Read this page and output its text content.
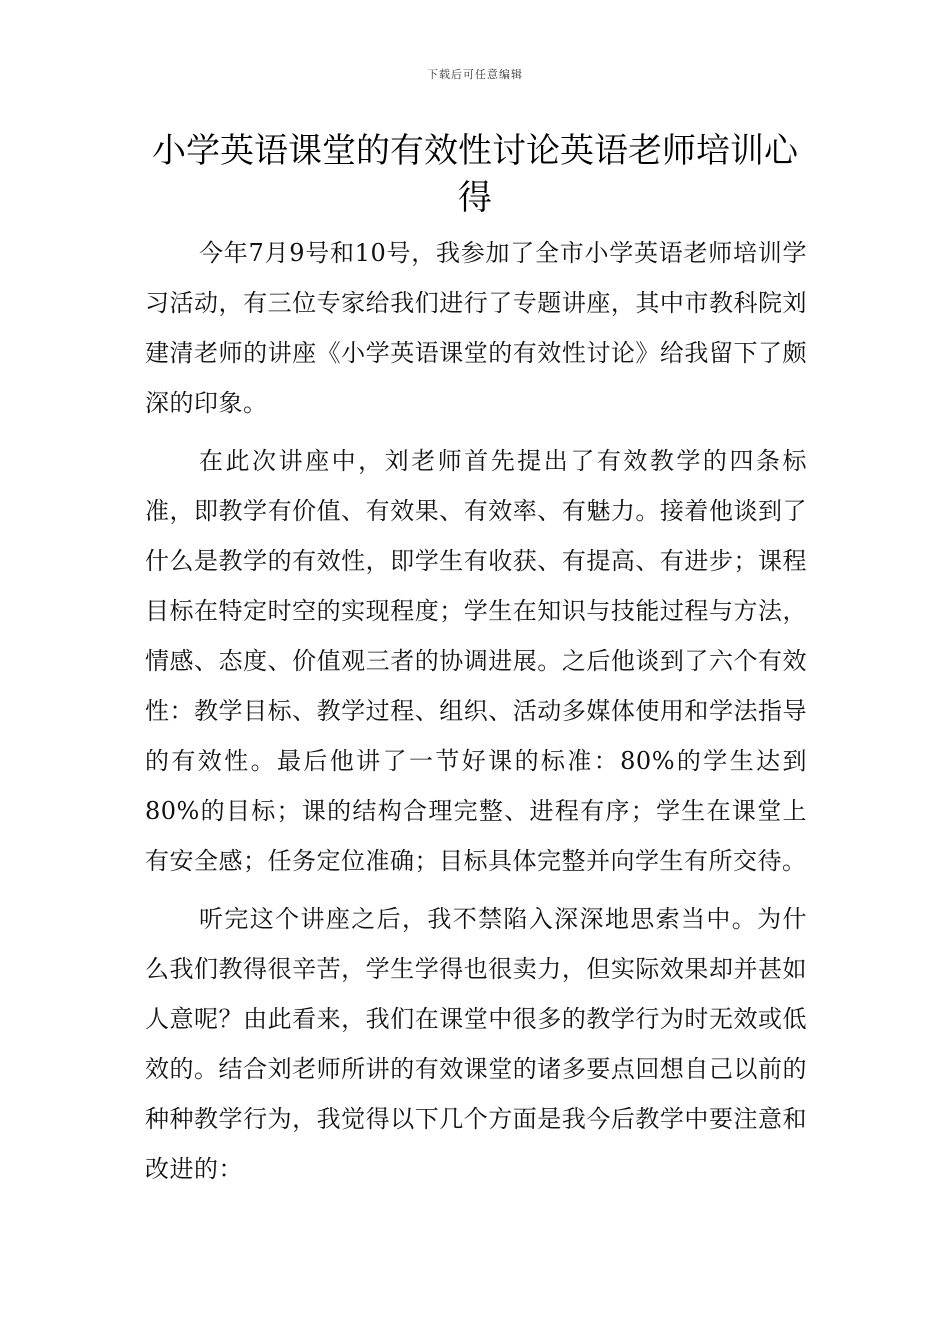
下载后可任意编辑
小学英语课堂的有效性讨论英语老师培训心得

今年7月9号和10号，我参加了全市小学英语老师培训学习活动，有三位专家给我们进行了专题讲座，其中市教科院刘建清老师的讲座《小学英语课堂的有效性讨论》给我留下了颇深的印象。

在此次讲座中，刘老师首先提出了有效教学的四条标准，即教学有价值、有效果、有效率、有魅力。接着他谈到了什么是教学的有效性，即学生有收获、有提高、有进步；课程目标在特定时空的实现程度；学生在知识与技能过程与方法，情感、态度、价值观三者的协调进展。之后他谈到了六个有效性：教学目标、教学过程、组织、活动多媒体使用和学法指导的有效性。最后他讲了一节好课的标准：80%的学生达到80%的目标；课的结构合理完整、进程有序；学生在课堂上有安全感；任务定位准确；目标具体完整并向学生有所交待。

听完这个讲座之后，我不禁陷入深深地思索当中。为什么我们教得很辛苦，学生学得也很卖力，但实际效果却并甚如人意呢？由此看来，我们在课堂中很多的教学行为时无效或低效的。结合刘老师所讲的有效课堂的诸多要点回想自己以前的种种教学行为，我觉得以下几个方面是我今后教学中要注意和改进的：
